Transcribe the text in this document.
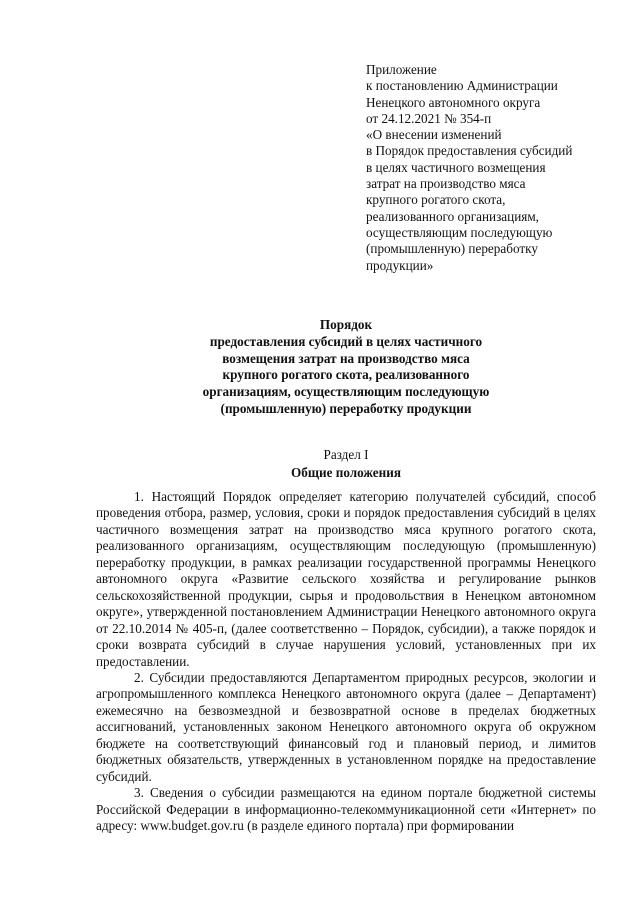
Приложение
к постановлению Администрации
Ненецкого автономного округа
от 24.12.2021 № 354-п
«О внесении изменений
в Порядок предоставления субсидий
в целях частичного возмещения
затрат на производство мяса
крупного рогатого скота,
реализованного организациям,
осуществляющим последующую
(промышленную) переработку
продукции»
Порядок
предоставления субсидий в целях частичного
возмещения затрат на производство мяса
крупного рогатого скота, реализованного
организациям, осуществляющим последующую
(промышленную) переработку продукции
Раздел I
Общие положения

1. Настоящий Порядок определяет категорию получателей субсидий, способ проведения отбора, размер, условия, сроки и порядок предоставления субсидий в целях частичного возмещения затрат на производство мяса крупного рогатого скота, реализованного организациям, осуществляющим последующую (промышленную) переработку продукции, в рамках реализации государственной программы Ненецкого автономного округа «Развитие сельского хозяйства и регулирование рынков сельскохозяйственной продукции, сырья и продовольствия в Ненецком автономном округе», утвержденной постановлением Администрации Ненецкого автономного округа от 22.10.2014 № 405-п, (далее соответственно – Порядок, субсидии), а также порядок и сроки возврата субсидий в случае нарушения условий, установленных при их предоставлении.

2. Субсидии предоставляются Департаментом природных ресурсов, экологии и агропромышленного комплекса Ненецкого автономного округа (далее – Департамент) ежемесячно на безвозмездной и безвозвратной основе в пределах бюджетных ассигнований, установленных законом Ненецкого автономного округа об окружном бюджете на соответствующий финансовый год и плановый период, и лимитов бюджетных обязательств, утвержденных в установленном порядке на предоставление субсидий.

3. Сведения о субсидии размещаются на едином портале бюджетной системы Российской Федерации в информационно-телекоммуникационной сети «Интернет» по адресу: www.budget.gov.ru (в разделе единого портала) при формировании
